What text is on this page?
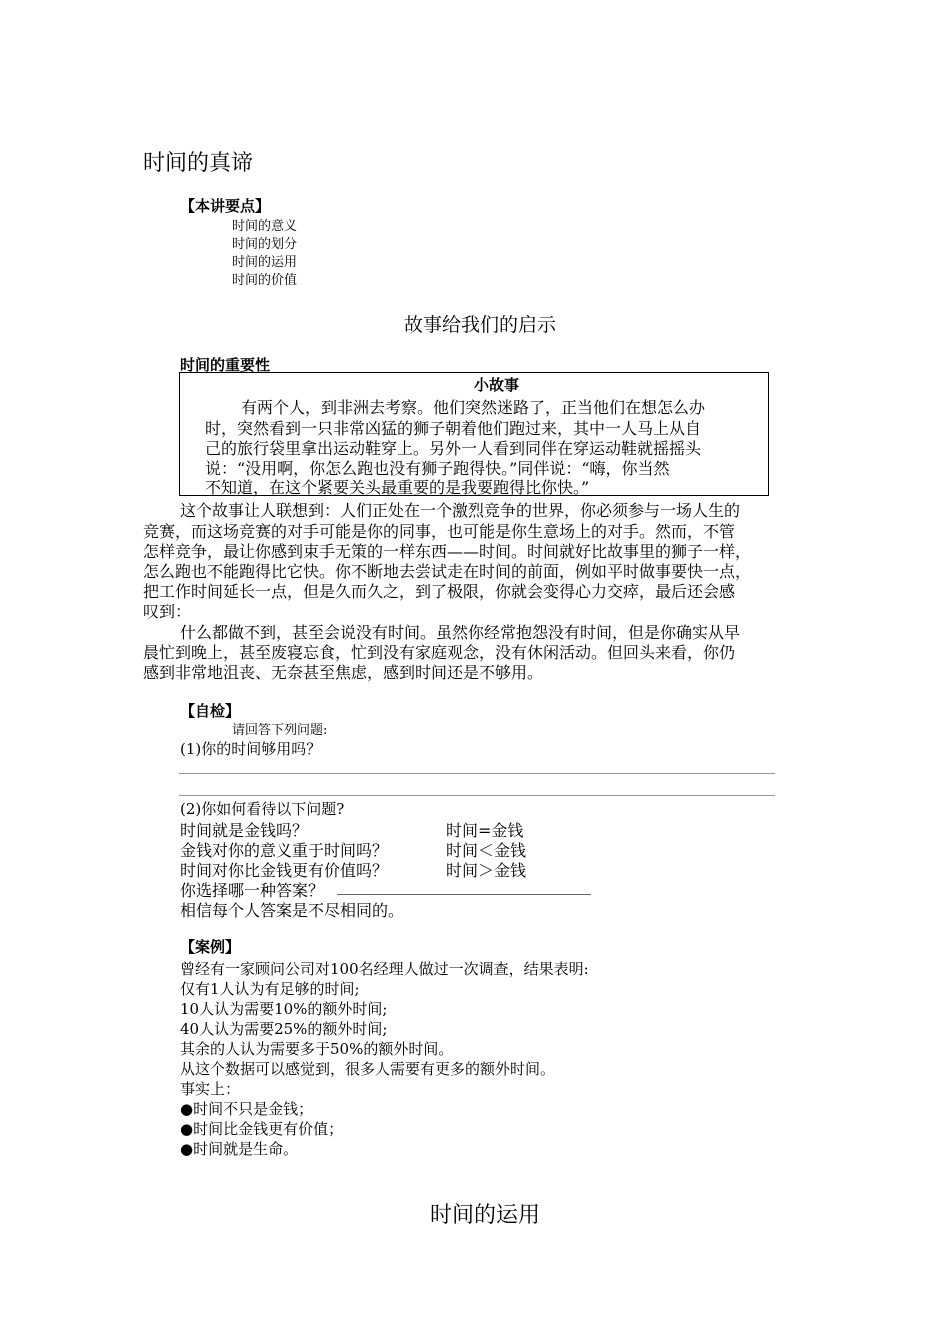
时间的真谛
【本讲要点】
时间的意义
时间的划分
时间的运用
时间的价值
故事给我们的启示
时间的重要性
小故事
有两个人，到非洲去考察。他们突然迷路了，正当他们在想怎么办
时，突然看到一只非常凶猛的狮子朝着他们跑过来，其中一人马上从自
己的旅行袋里拿出运动鞋穿上。另外一人看到同伴在穿运动鞋就摇摇头
说：“没用啊，你怎么跑也没有狮子跑得快。”同伴说：“嗨，你当然
不知道，在这个紧要关头最重要的是我要跑得比你快。”
这个故事让人联想到：人们正处在一个激烈竞争的世界，你必须参与一场人生的
竞赛，而这场竞赛的对手可能是你的同事，也可能是你生意场上的对手。然而，不管
怎样竞争，最让你感到束手无策的一样东西——时间。时间就好比故事里的狮子一样，
怎么跑也不能跑得比它快。你不断地去尝试走在时间的前面，例如平时做事要快一点，
把工作时间延长一点，但是久而久之，到了极限，你就会变得心力交瘁，最后还会感
叹到：
什么都做不到，甚至会说没有时间。虽然你经常抱怨没有时间，但是你确实从早
晨忙到晚上，甚至废寝忘食，忙到没有家庭观念，没有休闲活动。但回头来看，你仍
感到非常地沮丧、无奈甚至焦虑，感到时间还是不够用。
【自检】
请回答下列问题:
(1)你的时间够用吗？
(2)你如何看待以下问题?
时间就是金钱吗？	时间=金钱
金钱对你的意义重于时间吗？	时间＜金钱
时间对你比金钱更有价值吗？	时间＞金钱
你选择哪一种答案？
相信每个人答案是不尽相同的。
【案例】
曾经有一家顾问公司对100名经理人做过一次调查，结果表明:
仅有1人认为有足够的时间;
10人认为需要10%的额外时间;
40人认为需要25%的额外时间;
其余的人认为需要多于50%的额外时间。
从这个数据可以感觉到，很多人需要有更多的额外时间。
事实上：
●时间不只是金钱；
●时间比金钱更有价值；
●时间就是生命。
时间的运用
